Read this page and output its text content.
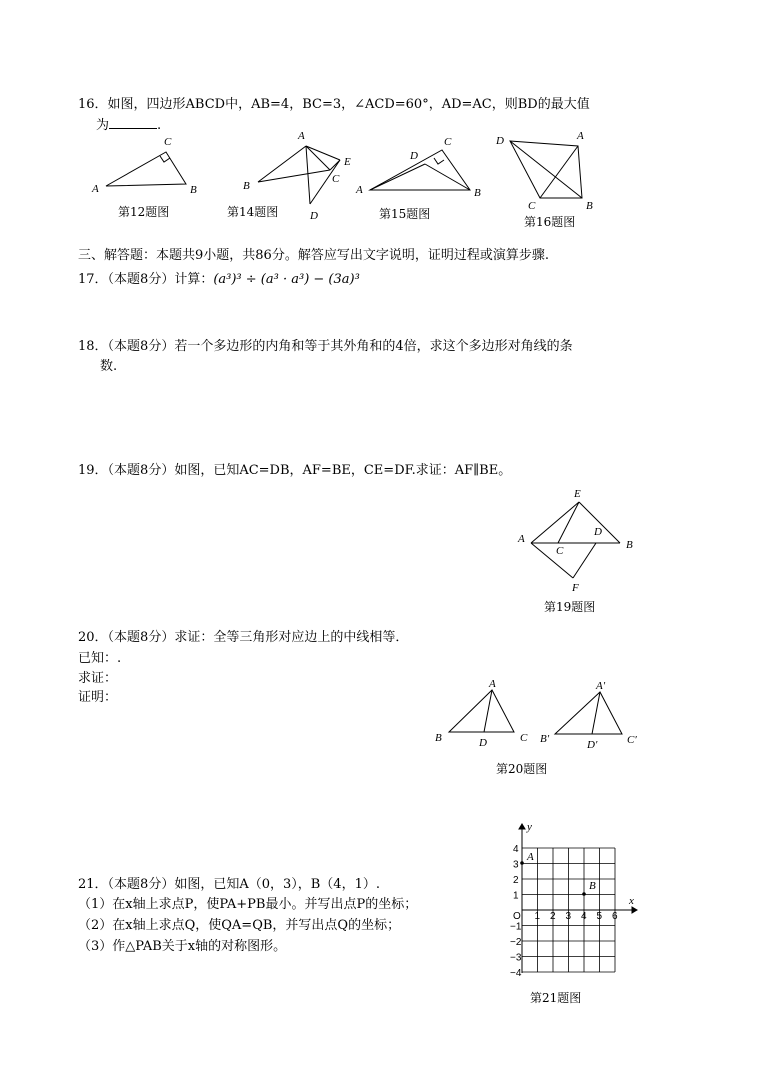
16．如图，四边形ABCD中，AB=4，BC=3，∠ACD=60°，AD=AC，则BD的最大值
为	.
A	B
C	A
B
C
D
E
A	B
C
D
A
B
C
D
第12题图	第14题图	第15题图
第16题图
三、解答题：本题共9小题，共86分。解答应写出文字说明，证明过程或演算步骤.
17．（本题8分）计算：(a³)³ ÷ (a³ · a³) − (3a)³
18．（本题8分）若一个多边形的内角和等于其外角和的4倍，求这个多边形对角线的条
数.
19．（本题8分）如图，已知AC=DB，AF=BE，CE=DF.求证：AF∥BE。
A	B
C
D
E
F
第19题图
20．（本题8分）求证：全等三角形对应边上的中线相等．
已知：.
求证：
证明：
A
B	C
D
A′
B′	C′
D′
第20题图
21．（本题8分）如图，已知A（0，3），B（4，1）.
（1）在x轴上求点P，使PA+PB最小。并写出点P的坐标；
（2）在x轴上求点Q，使QA=QB，并写出点Q的坐标；
（3）作△PAB关于x轴的对称图形。
A
B
x
y
O 1 2 3 4 5 6
4
3
2
1
−1
−2
−3
−4
第21题图
